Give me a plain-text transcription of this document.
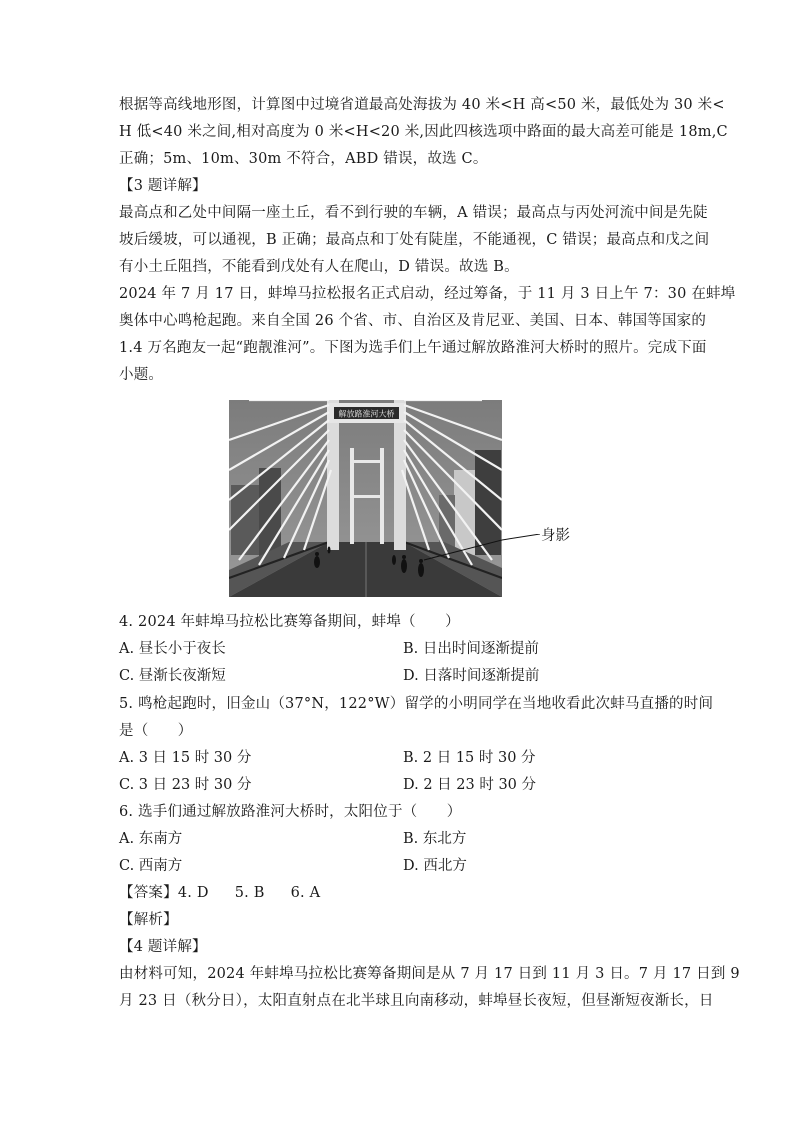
根据等高线地形图，计算图中过境省道最高处海拔为 40 米<H 高<50 米，最低处为 30 米<
H 低<40 米之间,相对高度为 0 米<H<20 米,因此四核选项中路面的最大高差可能是 18m,C
正确；5m、10m、30m 不符合，ABD 错误，故选 C。
【3 题详解】
最高点和乙处中间隔一座土丘，看不到行驶的车辆，A 错误；最高点与丙处河流中间是先陡
坡后缓坡，可以通视，B 正确；最高点和丁处有陡崖，不能通视，C 错误；最高点和戊之间
有小土丘阻挡，不能看到戊处有人在爬山，D 错误。故选 B。
2024 年 7 月 17 日，蚌埠马拉松报名正式启动，经过筹备，于 11 月 3 日上午 7：30 在蚌埠
奥体中心鸣枪起跑。来自全国 26 个省、市、自治区及肯尼亚、美国、日本、韩国等国家的
1.4 万名跑友一起“跑靓淮河”。下图为选手们上午通过解放路淮河大桥时的照片。完成下面
小题。
解放路淮河大桥
身影
4. 2024 年蚌埠马拉松比赛筹备期间，蚌埠（　　）
A. 昼长小于夜长	B. 日出时间逐渐提前
C. 昼渐长夜渐短	D. 日落时间逐渐提前
5. 鸣枪起跑时，旧金山（37°N，122°W）留学的小明同学在当地收看此次蚌马直播的时间
是（　　）
A. 3 日 15 时 30 分	B. 2 日 15 时 30 分
C. 3 日 23 时 30 分	D. 2 日 23 时 30 分
6. 选手们通过解放路淮河大桥时，太阳位于（　　）
A. 东南方	B. 东北方
C. 西南方	D. 西北方
【答案】4. D 5. B 6. A
【解析】
【4 题详解】
由材料可知，2024 年蚌埠马拉松比赛筹备期间是从 7 月 17 日到 11 月 3 日。7 月 17 日到 9
月 23 日（秋分日），太阳直射点在北半球且向南移动，蚌埠昼长夜短，但昼渐短夜渐长，日
